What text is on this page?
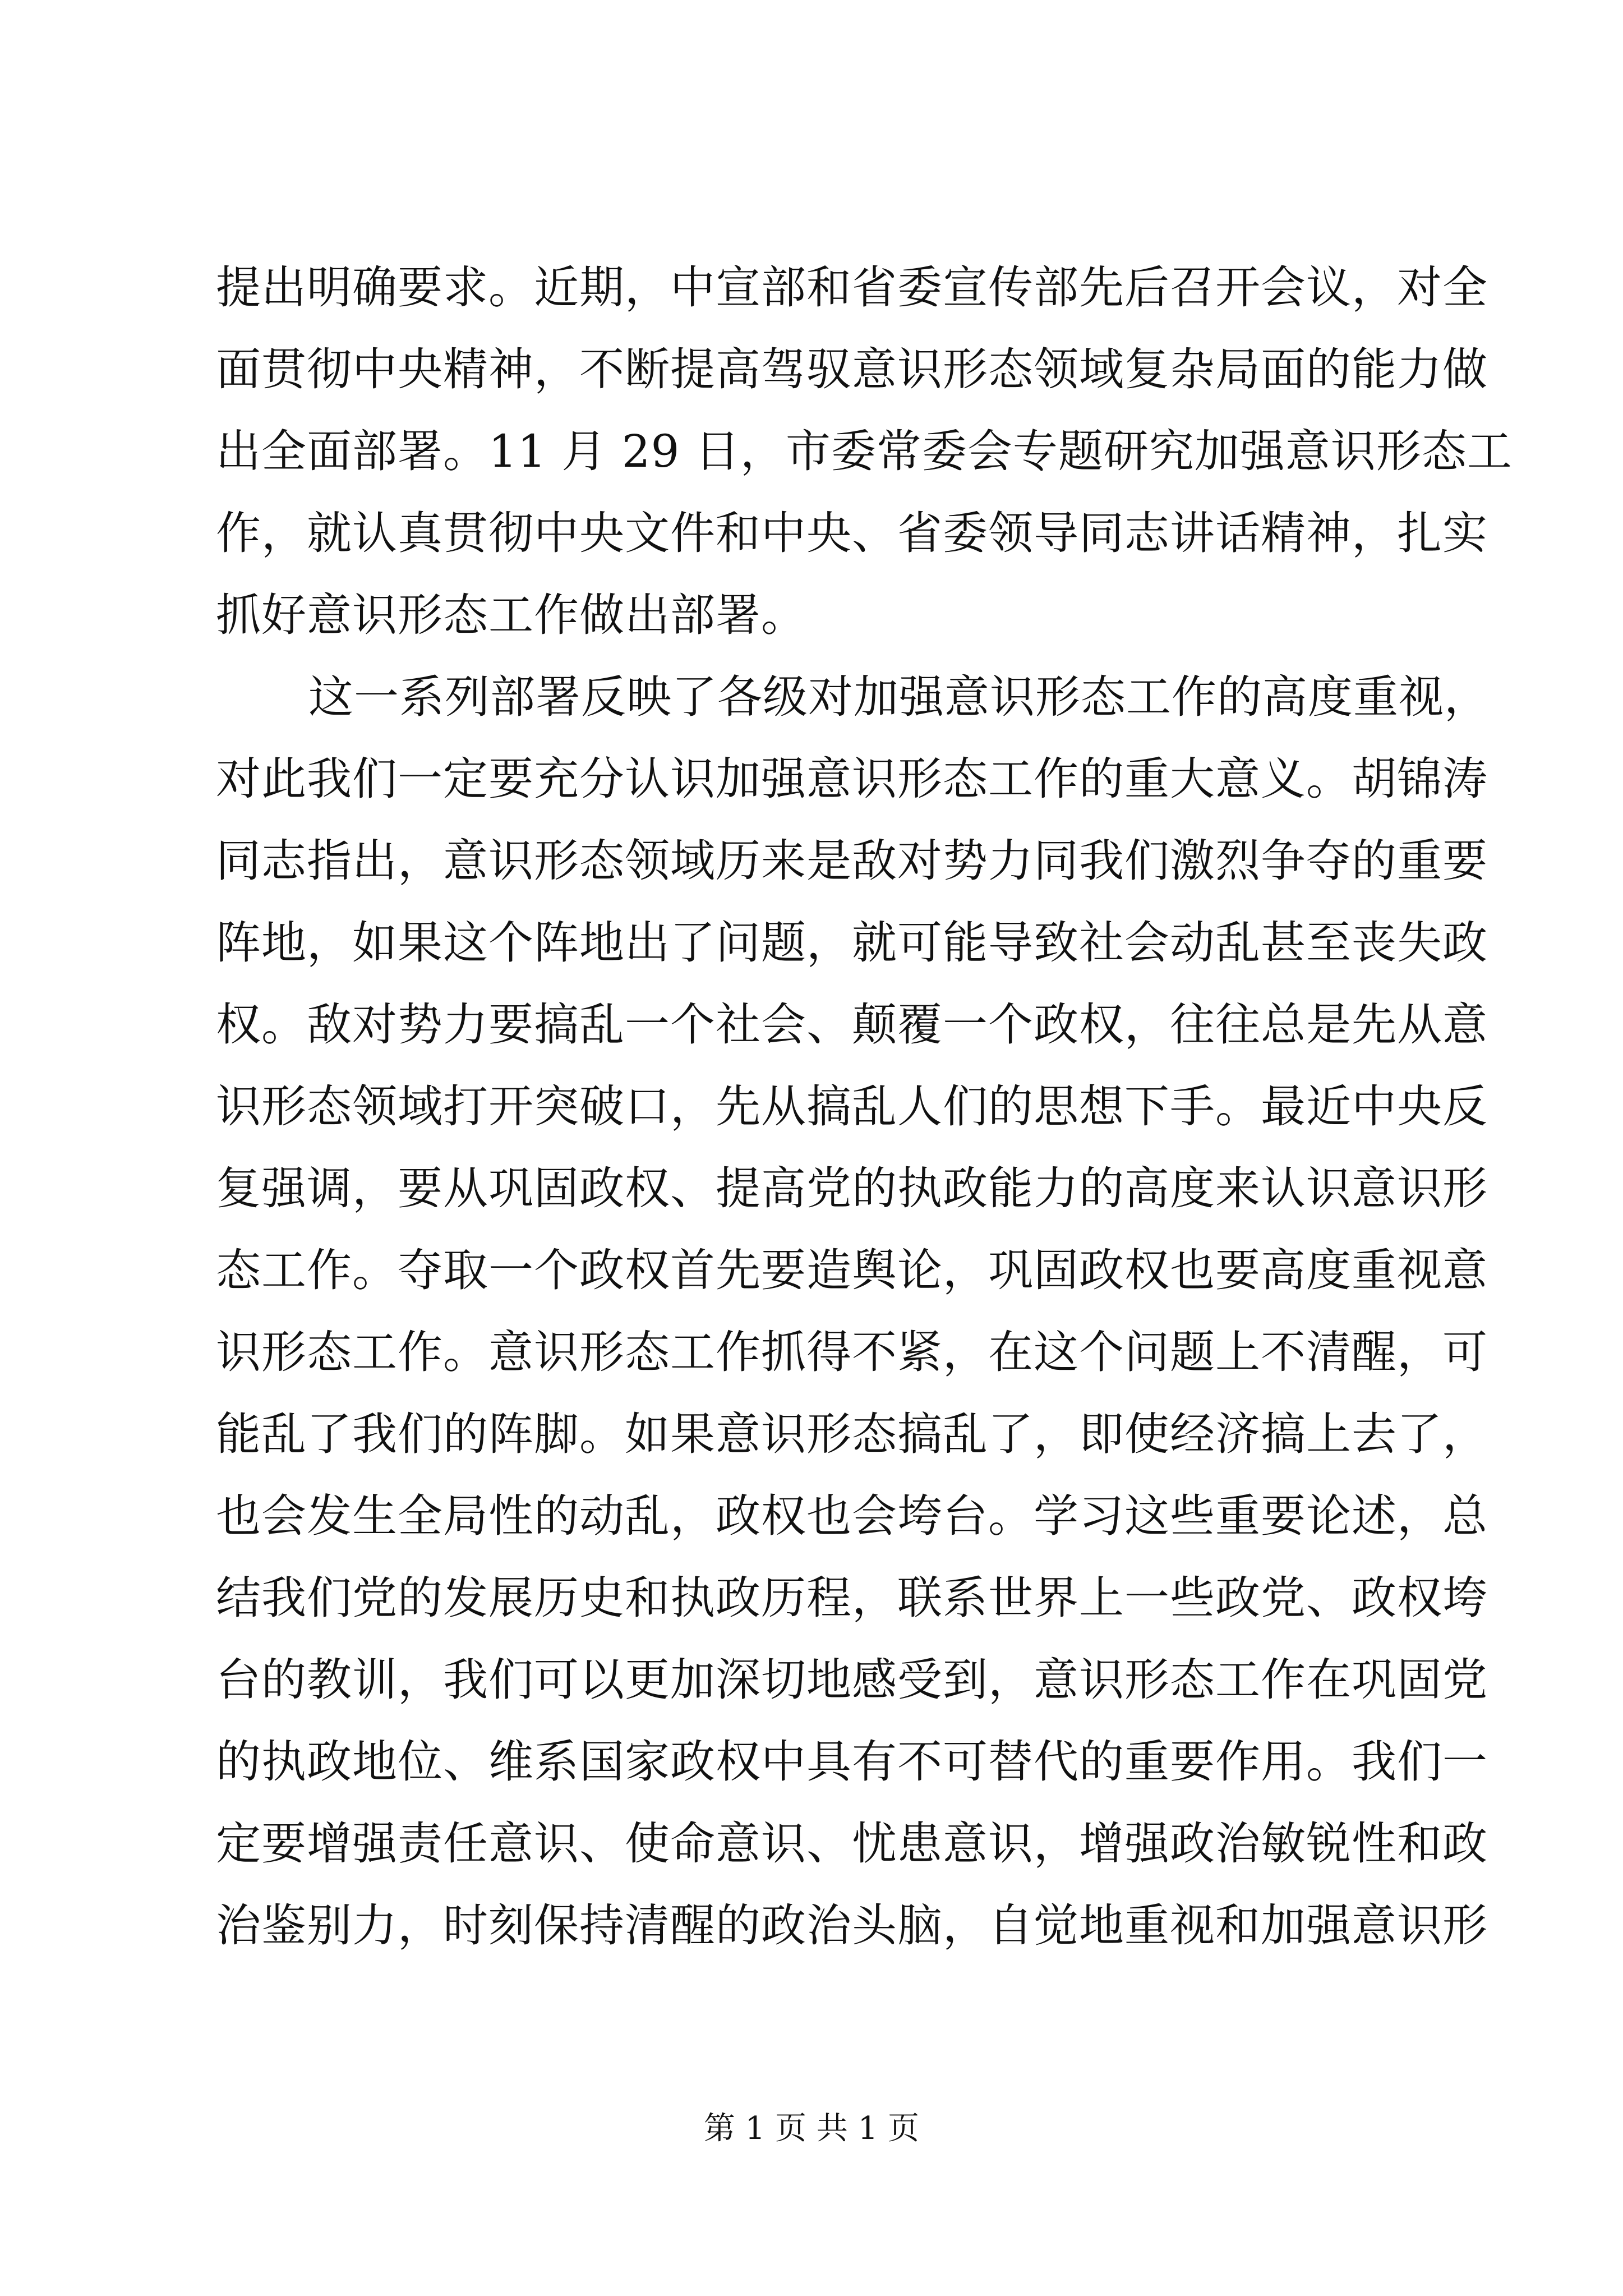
提出明确要求。近期，中宣部和省委宣传部先后召开会议，对全
面贯彻中央精神，不断提高驾驭意识形态领域复杂局面的能力做
出全面部署。11 月 29 日，市委常委会专题研究加强意识形态工
作，就认真贯彻中央文件和中央、省委领导同志讲话精神，扎实
抓好意识形态工作做出部署。
这一系列部署反映了各级对加强意识形态工作的高度重视，
对此我们一定要充分认识加强意识形态工作的重大意义。胡锦涛
同志指出，意识形态领域历来是敌对势力同我们激烈争夺的重要
阵地，如果这个阵地出了问题，就可能导致社会动乱甚至丧失政
权。敌对势力要搞乱一个社会、颠覆一个政权，往往总是先从意
识形态领域打开突破口，先从搞乱人们的思想下手。最近中央反
复强调，要从巩固政权、提高党的执政能力的高度来认识意识形
态工作。夺取一个政权首先要造舆论，巩固政权也要高度重视意
识形态工作。意识形态工作抓得不紧，在这个问题上不清醒，可
能乱了我们的阵脚。如果意识形态搞乱了，即使经济搞上去了，
也会发生全局性的动乱，政权也会垮台。学习这些重要论述，总
结我们党的发展历史和执政历程，联系世界上一些政党、政权垮
台的教训，我们可以更加深切地感受到，意识形态工作在巩固党
的执政地位、维系国家政权中具有不可替代的重要作用。我们一
定要增强责任意识、使命意识、忧患意识，增强政治敏锐性和政
治鉴别力，时刻保持清醒的政治头脑，自觉地重视和加强意识形
第 1 页 共 1 页
